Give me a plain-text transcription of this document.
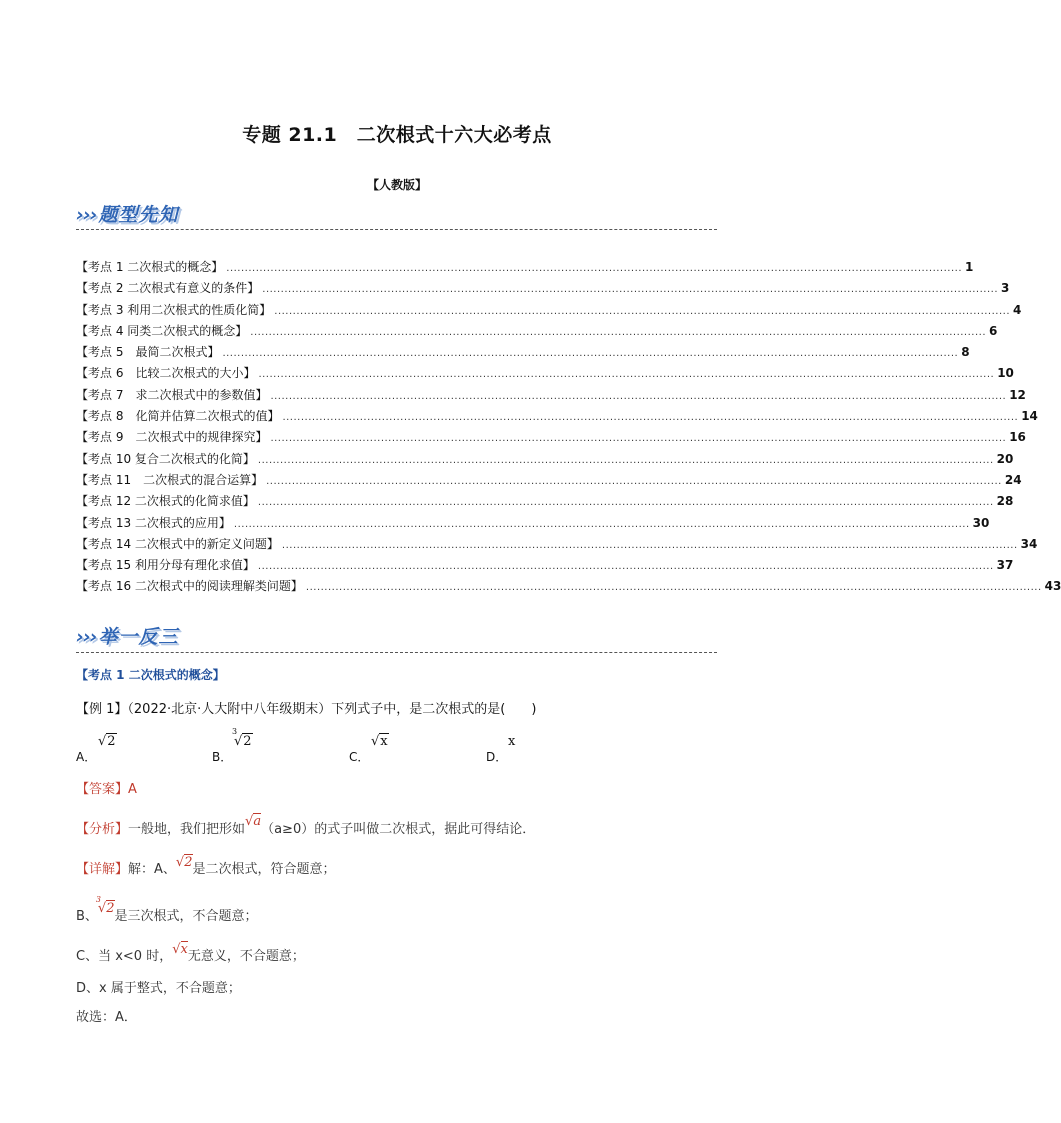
专题 21.1　二次根式十六大必考点
【人教版】
››› 题型先知
【考点 1 二次根式的概念】 ........................................................................................................................................................................................................ 1
【考点 2 二次根式有意义的条件】 ........................................................................................................................................................................................................ 3
【考点 3 利用二次根式的性质化简】 ........................................................................................................................................................................................................ 4
【考点 4 同类二次根式的概念】 ........................................................................................................................................................................................................ 6
【考点 5　最简二次根式】 ........................................................................................................................................................................................................ 8
【考点 6　比较二次根式的大小】 ........................................................................................................................................................................................................ 10
【考点 7　求二次根式中的参数值】 ........................................................................................................................................................................................................ 12
【考点 8　化简并估算二次根式的值】 ........................................................................................................................................................................................................ 14
【考点 9　二次根式中的规律探究】 ........................................................................................................................................................................................................ 16
【考点 10 复合二次根式的化简】 ........................................................................................................................................................................................................ 20
【考点 11　二次根式的混合运算】 ........................................................................................................................................................................................................ 24
【考点 12 二次根式的化简求值】 ........................................................................................................................................................................................................ 28
【考点 13 二次根式的应用】 ........................................................................................................................................................................................................ 30
【考点 14 二次根式中的新定义问题】 ........................................................................................................................................................................................................ 34
【考点 15 利用分母有理化求值】 ........................................................................................................................................................................................................ 37
【考点 16 二次根式中的阅读理解类问题】 ........................................................................................................................................................................................................ 43
››› 举一反三
【考点 1 二次根式的概念】
【例 1】（2022·北京·人大附中八年级期末）下列式子中，是二次根式的是(　　)
A．
√2
B．
3
√2
C．
√x
D．
x
【答案】A
【分析】一般地，我们把形如√a（a≥0）的式子叫做二次根式，据此可得结论．
【详解】解：A、√2是二次根式，符合题意；
B、
3
√2是三次根式，不合题意；
C、当 x<0 时，√x无意义，不合题意；
D、x 属于整式，不合题意；
故选：A．
